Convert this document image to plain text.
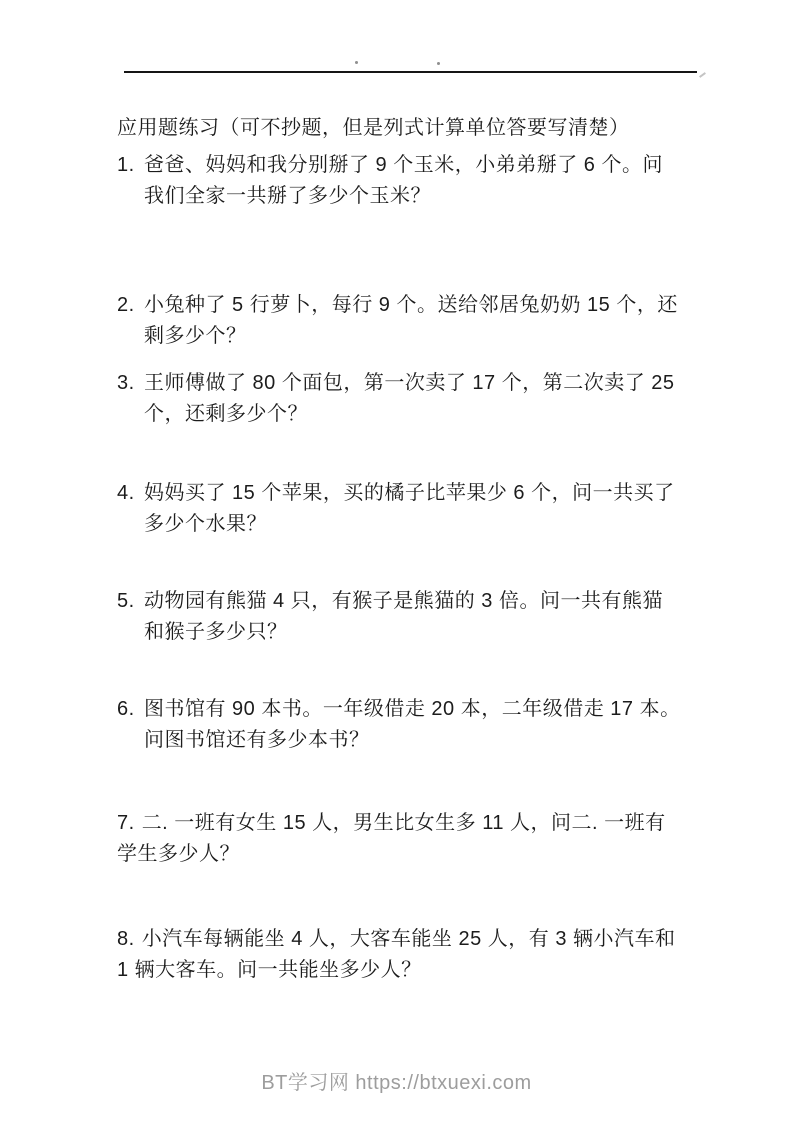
应用题练习（可不抄题，但是列式计算单位答要写清楚）
1. 爸爸、妈妈和我分别掰了 9 个玉米，小弟弟掰了 6 个。问我们全家一共掰了多少个玉米？
2. 小兔种了 5 行萝卜，每行 9 个。送给邻居兔奶奶 15 个，还剩多少个？
3. 王师傅做了 80 个面包，第一次卖了 17 个，第二次卖了 25 个，还剩多少个？
4. 妈妈买了 15 个苹果，买的橘子比苹果少 6 个，问一共买了多少个水果？
5. 动物园有熊猫 4 只，有猴子是熊猫的 3 倍。问一共有熊猫和猴子多少只？
6. 图书馆有 90 本书。一年级借走 20 本，二年级借走 17 本。问图书馆还有多少本书？
7. 二. 一班有女生 15 人，男生比女生多 11 人，问二. 一班有学生多少人？
8. 小汽车每辆能坐 4 人，大客车能坐 25 人，有 3 辆小汽车和 1 辆大客车。问一共能坐多少人？
BT学习网 https://btxuexi.com
